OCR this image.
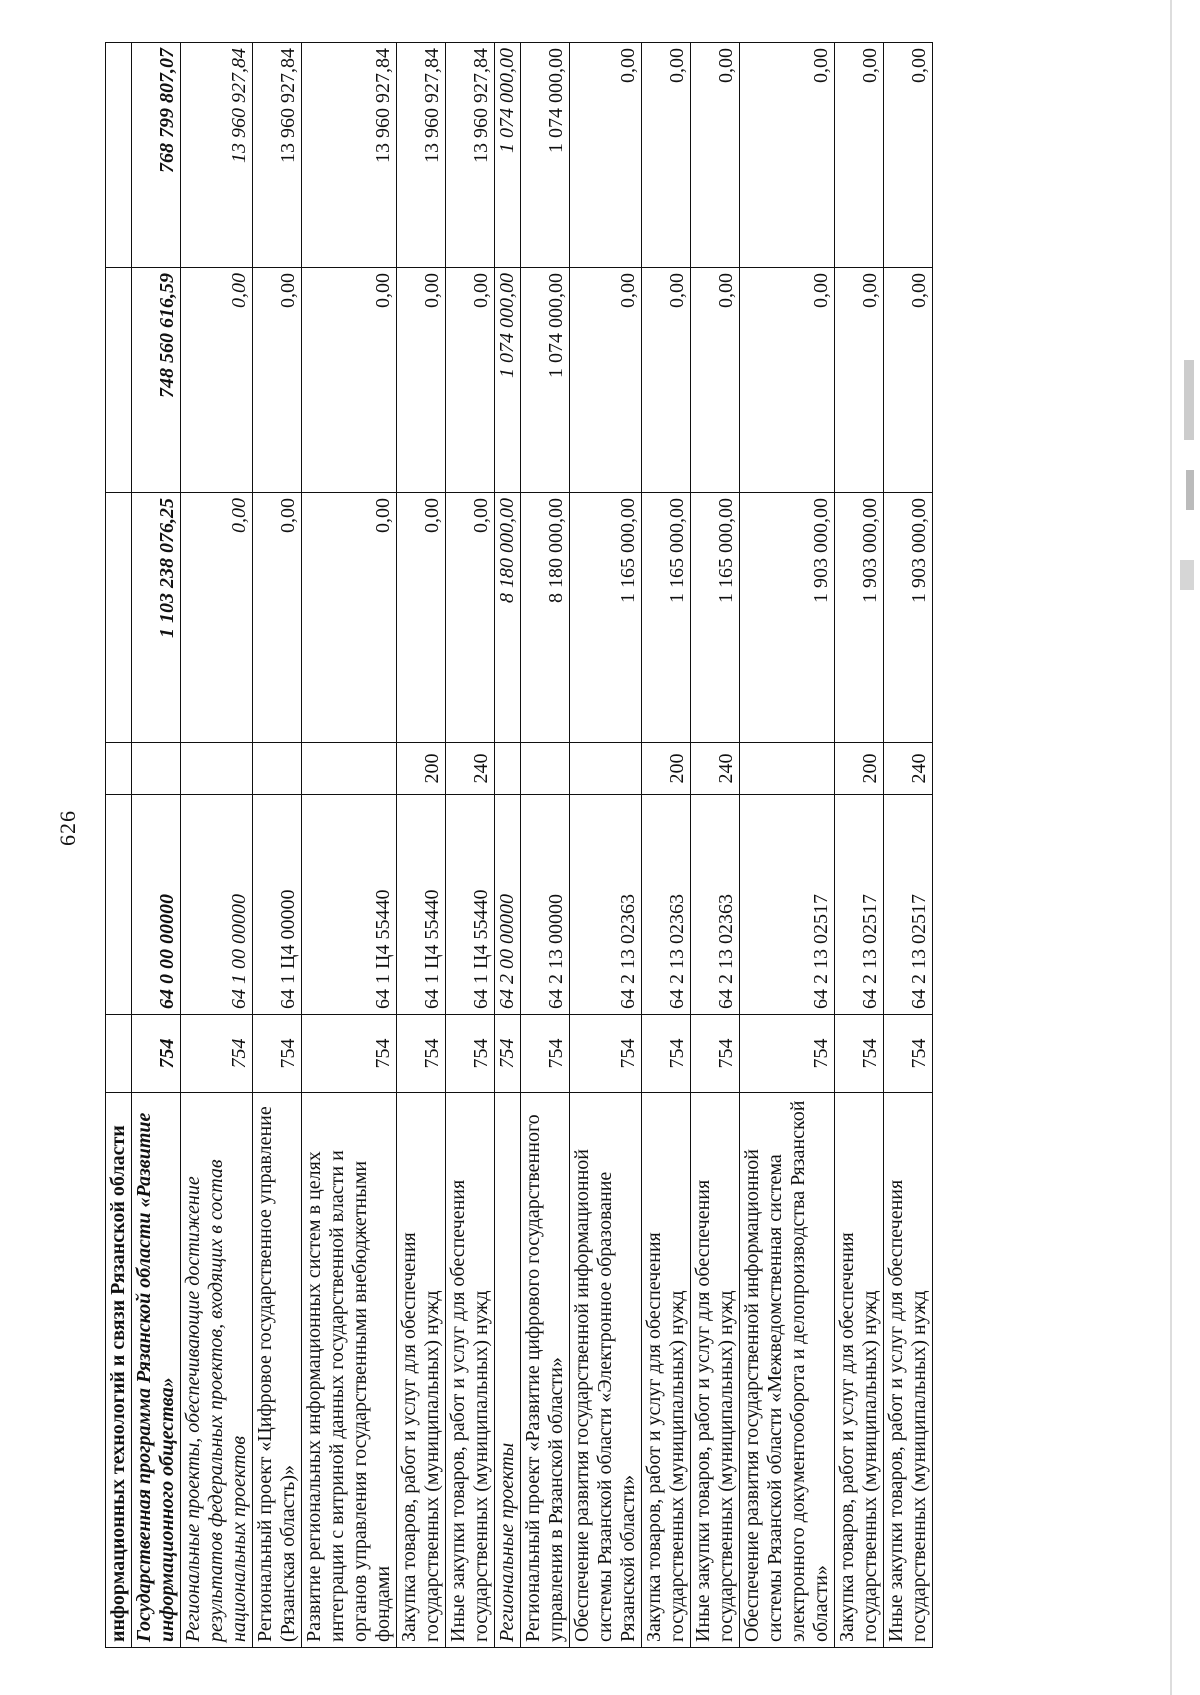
626
информационных технологий и связи Рязанской области						
Государственная программа Рязанской области «Развитие информационного общества»	754	64 0 00 00000		1 103 238 076,25	748 560 616,59	768 799 807,07
Региональные проекты, обеспечивающие достижение результатов федеральных проектов, входящих в состав национальных проектов	754	64 1 00 00000		0,00	0,00	13 960 927,84
Региональный проект «Цифровое государственное управление (Рязанская область)»	754	64 1 Ц4 00000		0,00	0,00	13 960 927,84
Развитие региональных информационных систем в целях интеграции с витриной данных государственной власти и органов управления государственными внебюджетными фондами	754	64 1 Ц4 55440		0,00	0,00	13 960 927,84
Закупка товаров, работ и услуг для обеспечения государственных (муниципальных) нужд	754	64 1 Ц4 55440	200	0,00	0,00	13 960 927,84
Иные закупки товаров, работ и услуг для обеспечения государственных (муниципальных) нужд	754	64 1 Ц4 55440	240	0,00	0,00	13 960 927,84
Региональные проекты	754	64 2 00 00000		8 180 000,00	1 074 000,00	1 074 000,00
Региональный проект «Развитие цифрового государственного управления в Рязанской области»	754	64 2 13 00000		8 180 000,00	1 074 000,00	1 074 000,00
Обеспечение развития государственной информационной системы Рязанской области «Электронное образование Рязанской области»	754	64 2 13 02363		1 165 000,00	0,00	0,00
Закупка товаров, работ и услуг для обеспечения государственных (муниципальных) нужд	754	64 2 13 02363	200	1 165 000,00	0,00	0,00
Иные закупки товаров, работ и услуг для обеспечения государственных (муниципальных) нужд	754	64 2 13 02363	240	1 165 000,00	0,00	0,00
Обеспечение развития государственной информационной системы Рязанской области «Межведомственная система электронного документооборота и делопроизводства Рязанской области»	754	64 2 13 02517		1 903 000,00	0,00	0,00
Закупка товаров, работ и услуг для обеспечения государственных (муниципальных) нужд	754	64 2 13 02517	200	1 903 000,00	0,00	0,00
Иные закупки товаров, работ и услуг для обеспечения государственных (муниципальных) нужд	754	64 2 13 02517	240	1 903 000,00	0,00	0,00
